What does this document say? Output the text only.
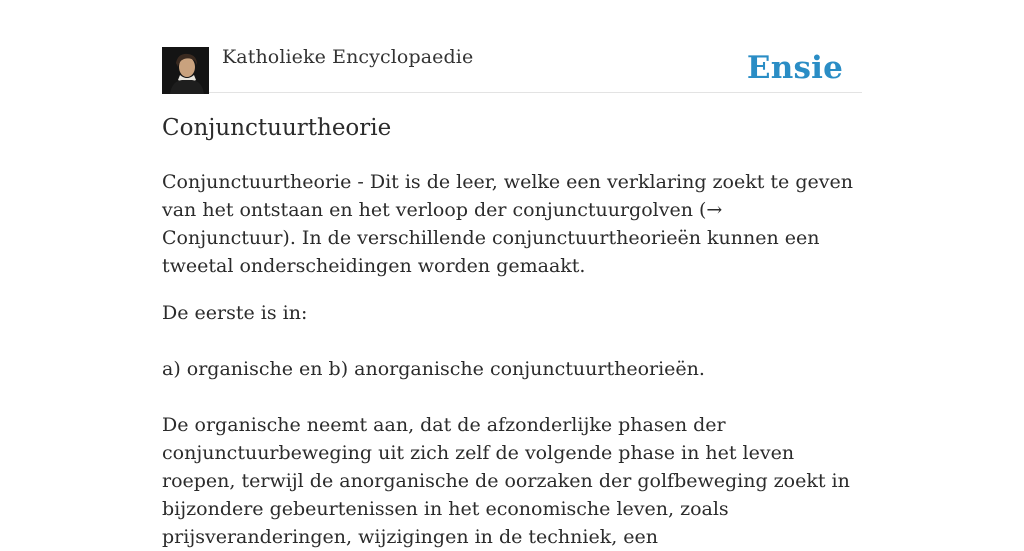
Katholieke Encyclopaedie	Ensie
Conjunctuurtheorie

Conjunctuurtheorie - Dit is de leer, welke een verklaring zoekt te geven van het ontstaan en het verloop der conjunctuurgolven (→ Conjunctuur). In de verschillende conjunctuurtheorieën kunnen een tweetal onderscheidingen worden gemaakt.

De eerste is in:
a) organische en b) anorganische conjunctuurtheorieën.
De organische neemt aan, dat de afzonderlijke phasen der conjunctuurbeweging uit zich zelf de volgende phase in het leven roepen, terwijl de anorganische de oorzaken der golfbeweging zoekt in bijzondere gebeurtenissen in het economische leven, zoals prijsveranderingen, wijzigingen in de techniek, een
